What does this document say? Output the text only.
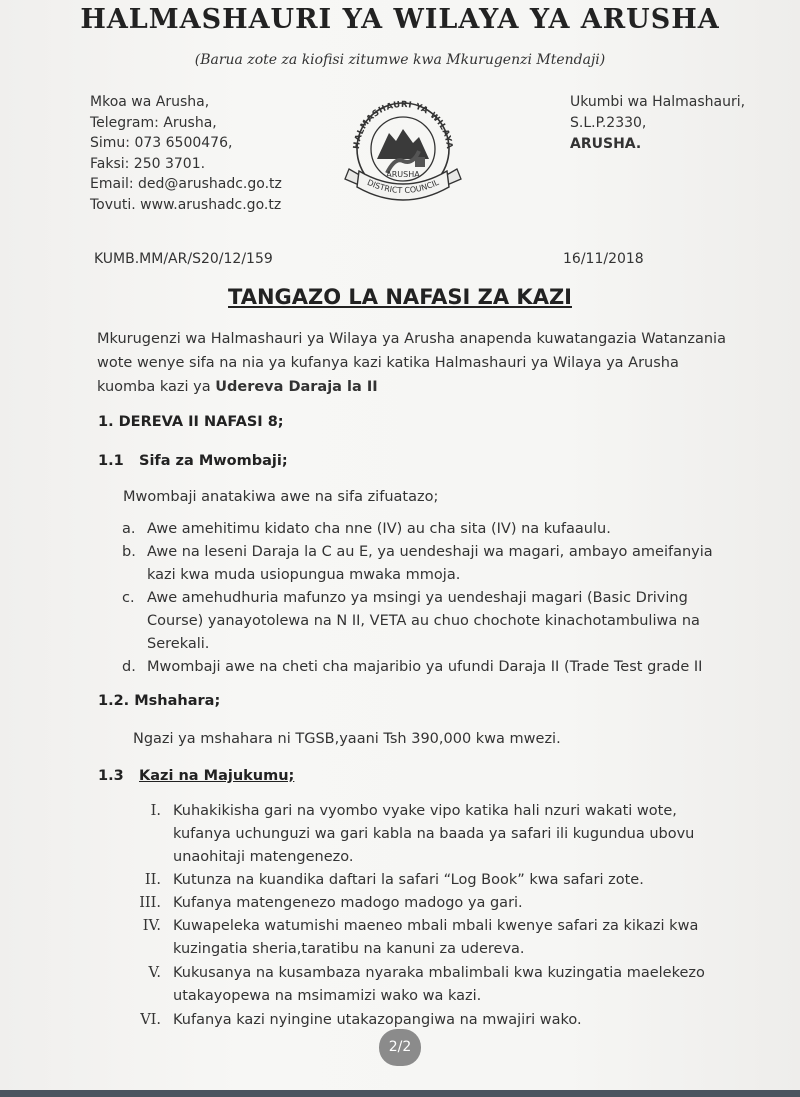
HALMASHAURI YA WILAYA YA ARUSHA
(Barua zote za kiofisi zitumwe kwa Mkurugenzi Mtendaji)
Mkoa wa Arusha,
Telegram: Arusha,
Simu: 073 6500476,
Faksi: 250 3701.
Email: ded@arushadc.go.tz
Tovuti. www.arushadc.go.tz
HALMASHAURI YA WILAYA
ARUSHA
DISTRICT COUNCIL
Ukumbi wa Halmashauri,
S.L.P.2330,
ARUSHA.
KUMB.MM/AR/S20/12/159	16/11/2018
TANGAZO LA NAFASI ZA KAZI
Mkurugenzi wa Halmashauri ya Wilaya ya Arusha anapenda kuwatangazia Watanzania wote wenye sifa na nia ya kufanya kazi katika Halmashauri ya Wilaya ya Arusha kuomba kazi ya Udereva Daraja la II
1. DEREVA II NAFASI 8;
1.1 Sifa za Mwombaji;
Mwombaji anatakiwa awe na sifa zifuatazo;
a. Awe amehitimu kidato cha nne (IV) au cha sita (IV) na kufaaulu.
b. Awe na leseni Daraja la C au E, ya uendeshaji wa magari, ambayo ameifanyia
kazi kwa muda usiopungua mwaka mmoja.
c. Awe amehudhuria mafunzo ya msingi ya uendeshaji magari (Basic Driving
Course) yanayotolewa na N II, VETA au chuo chochote kinachotambuliwa na
Serekali.
d. Mwombaji awe na cheti cha majaribio ya ufundi Daraja II (Trade Test grade II
1.2. Mshahara;
Ngazi ya mshahara ni TGSB,yaani Tsh 390,000 kwa mwezi.
1.3 Kazi na Majukumu;
I. Kuhakikisha gari na vyombo vyake vipo katika hali nzuri wakati wote,
kufanya uchunguzi wa gari kabla na baada ya safari ili kugundua ubovu
unaohitaji matengenezo.
II. Kutunza na kuandika daftari la safari “Log Book” kwa safari zote.
III. Kufanya matengenezo madogo madogo ya gari.
IV. Kuwapeleka watumishi maeneo mbali mbali kwenye safari za kikazi kwa
kuzingatia sheria,taratibu na kanuni za udereva.
V. Kukusanya na kusambaza nyaraka mbalimbali kwa kuzingatia maelekezo
utakayopewa na msimamizi wako wa kazi.
VI. Kufanya kazi nyingine utakazopangiwa na mwajiri wako.
2/2
